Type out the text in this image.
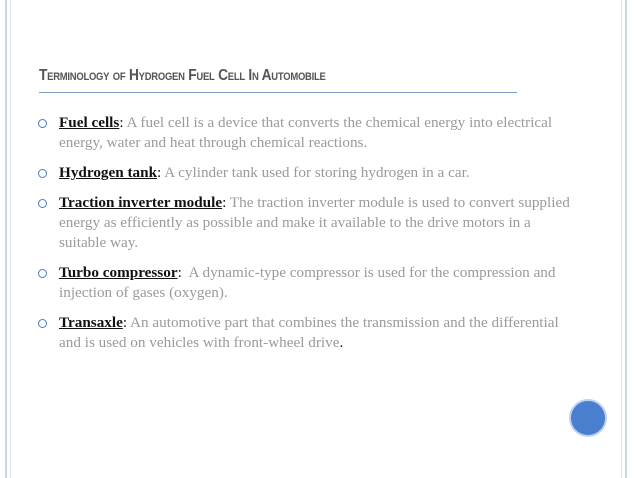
Terminology of Hydrogen Fuel Cell In Automobile
Fuel cells: A fuel cell is a device that converts the chemical energy into electrical energy, water and heat through chemical reactions.
Hydrogen tank: A cylinder tank used for storing hydrogen in a car.
Traction inverter module: The traction inverter module is used to convert supplied energy as efficiently as possible and make it available to the drive motors in a suitable way.
Turbo compressor:  A dynamic-type compressor is used for the compression and injection of gases (oxygen).
Transaxle: An automotive part that combines the transmission and the differential and is used on vehicles with front-wheel drive.
